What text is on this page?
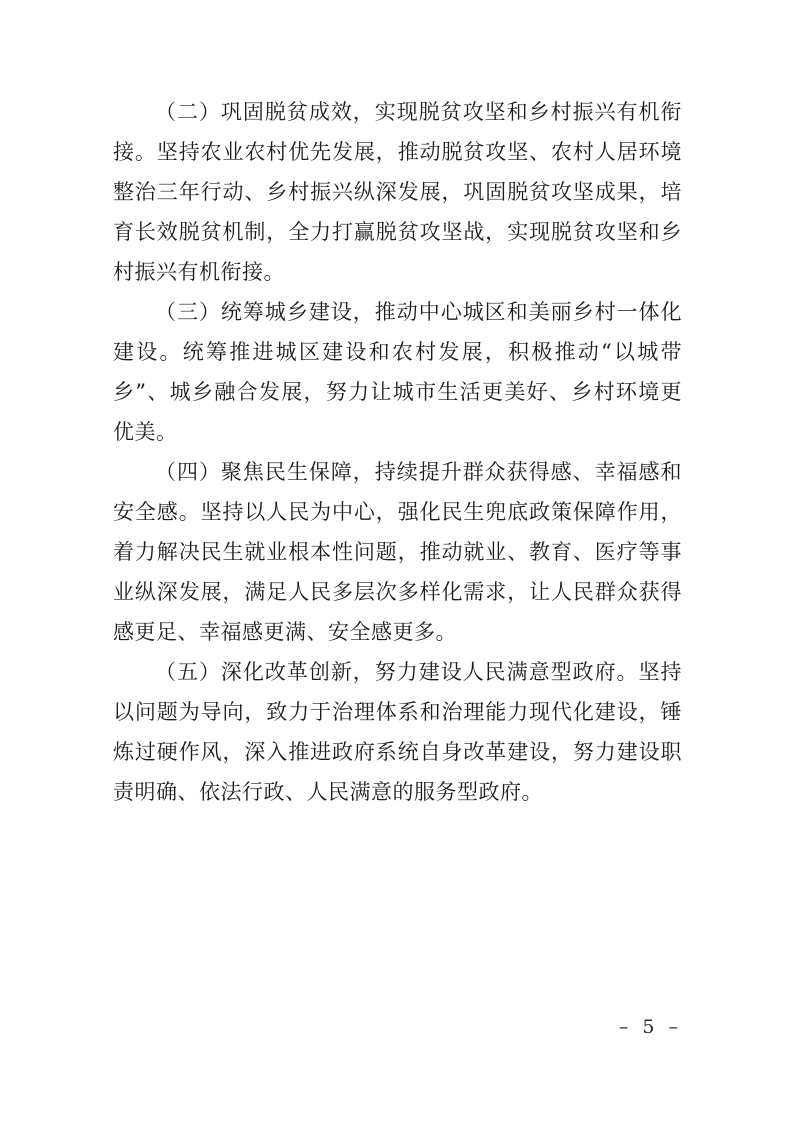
（二）巩固脱贫成效，实现脱贫攻坚和乡村振兴有机衔接。坚持农业农村优先发展，推动脱贫攻坚、农村人居环境整治三年行动、乡村振兴纵深发展，巩固脱贫攻坚成果，培育长效脱贫机制，全力打赢脱贫攻坚战，实现脱贫攻坚和乡村振兴有机衔接。

（三）统筹城乡建设，推动中心城区和美丽乡村一体化建设。统筹推进城区建设和农村发展，积极推动“以城带乡”、城乡融合发展，努力让城市生活更美好、乡村环境更优美。

（四）聚焦民生保障，持续提升群众获得感、幸福感和安全感。坚持以人民为中心，强化民生兜底政策保障作用，着力解决民生就业根本性问题，推动就业、教育、医疗等事业纵深发展，满足人民多层次多样化需求，让人民群众获得感更足、幸福感更满、安全感更多。

（五）深化改革创新，努力建设人民满意型政府。坚持以问题为导向，致力于治理体系和治理能力现代化建设，锤炼过硬作风，深入推进政府系统自身改革建设，努力建设职责明确、依法行政、人民满意的服务型政府。

– 5 –
